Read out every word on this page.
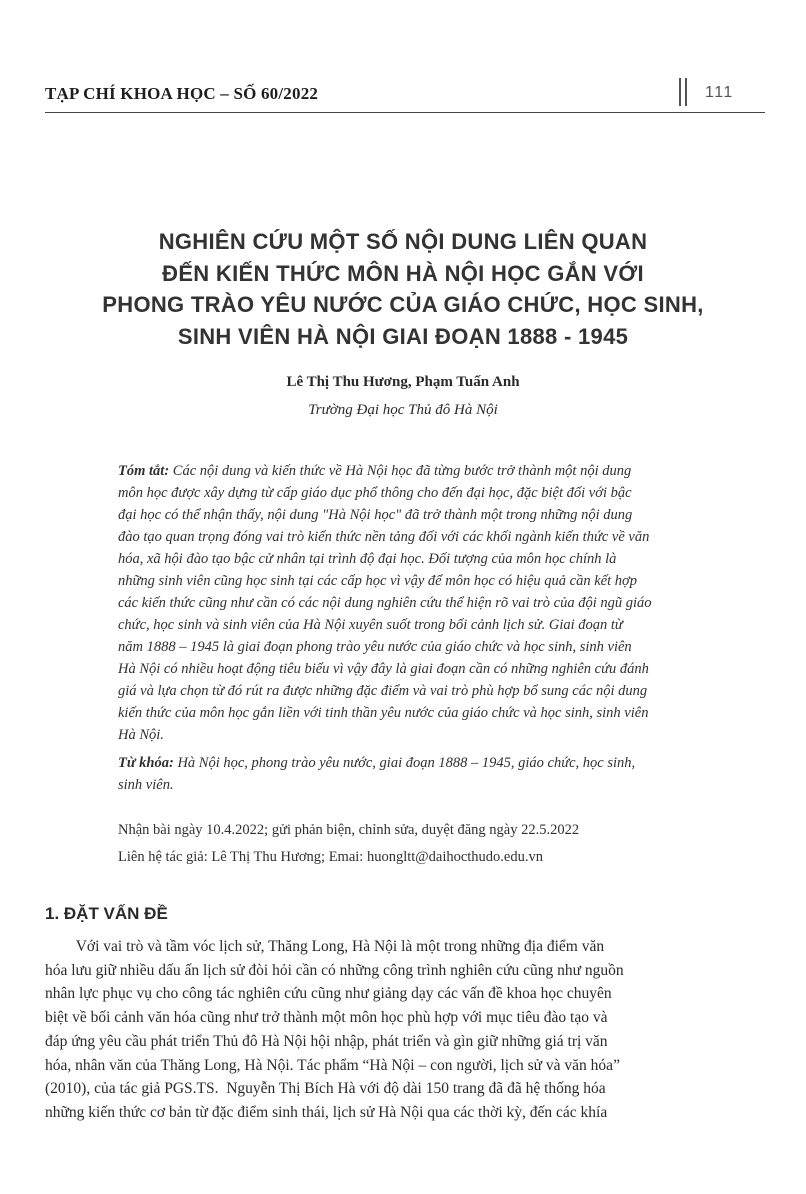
TẠP CHÍ KHOA HỌC – SỐ 60/2022	111
NGHIÊN CỨU MỘT SỐ NỘI DUNG LIÊN QUAN
ĐẾN KIẾN THỨC MÔN HÀ NỘI HỌC GẮN VỚI
PHONG TRÀO YÊU NƯỚC CỦA GIÁO CHỨC, HỌC SINH,
SINH VIÊN HÀ NỘI GIAI ĐOẠN 1888 - 1945
Lê Thị Thu Hương, Phạm Tuấn Anh
Trường Đại học Thủ đô Hà Nội
Tóm tắt: Các nội dung và kiến thức về Hà Nội học đã từng bước trở thành một nội dung
môn học được xây dựng từ cấp giáo dục phổ thông cho đến đại học, đặc biệt đối với bậc
đại học có thể nhận thấy, nội dung "Hà Nội học" đã trở thành một trong những nội dung
đào tạo quan trọng đóng vai trò kiến thức nền tảng đối với các khối ngành kiến thức về văn
hóa, xã hội đào tạo bậc cử nhân tại trình độ đại học. Đối tượng của môn học chính là
những sinh viên cũng học sinh tại các cấp học vì vậy để môn học có hiệu quả cần kết hợp
các kiến thức cũng như cần có các nội dung nghiên cứu thể hiện rõ vai trò của đội ngũ giáo
chức, học sinh và sinh viên của Hà Nội xuyên suốt trong bối cảnh lịch sử. Giai đoạn từ
năm 1888 – 1945 là giai đoạn phong trào yêu nước của giáo chức và học sinh, sinh viên
Hà Nội có nhiều hoạt động tiêu biểu vì vậy đây là giai đoạn cần có những nghiên cứu đánh
giá và lựa chọn từ đó rút ra được những đặc điểm và vai trò phù hợp bổ sung các nội dung
kiến thức của môn học gắn liền với tinh thần yêu nước của giáo chức và học sinh, sinh viên
Hà Nội.
Từ khóa: Hà Nội học, phong trào yêu nước, giai đoạn 1888 – 1945, giáo chức, học sinh,
sinh viên.
Nhận bài ngày 10.4.2022; gửi phản biện, chỉnh sửa, duyệt đăng ngày 22.5.2022
Liên hệ tác giả: Lê Thị Thu Hương; Emai: huongltt@daihocthudo.edu.vn
1. ĐẶT VẤN ĐỀ
Với vai trò và tầm vóc lịch sử, Thăng Long, Hà Nội là một trong những địa điểm văn
hóa lưu giữ nhiều dấu ấn lịch sử đòi hỏi cần có những công trình nghiên cứu cũng như nguồn
nhân lực phục vụ cho công tác nghiên cứu cũng như giảng dạy các vấn đề khoa học chuyên
biệt về bối cảnh văn hóa cũng như trở thành một môn học phù hợp với mục tiêu đào tạo và
đáp ứng yêu cầu phát triển Thủ đô Hà Nội hội nhập, phát triển và gìn giữ những giá trị văn
hóa, nhân văn của Thăng Long, Hà Nội. Tác phẩm “Hà Nội – con người, lịch sử và văn hóa”
(2010), của tác giả PGS.TS.  Nguyễn Thị Bích Hà với độ dài 150 trang đã đã hệ thống hóa
những kiến thức cơ bản từ đặc điểm sinh thái, lịch sử Hà Nội qua các thời kỳ, đến các khía
